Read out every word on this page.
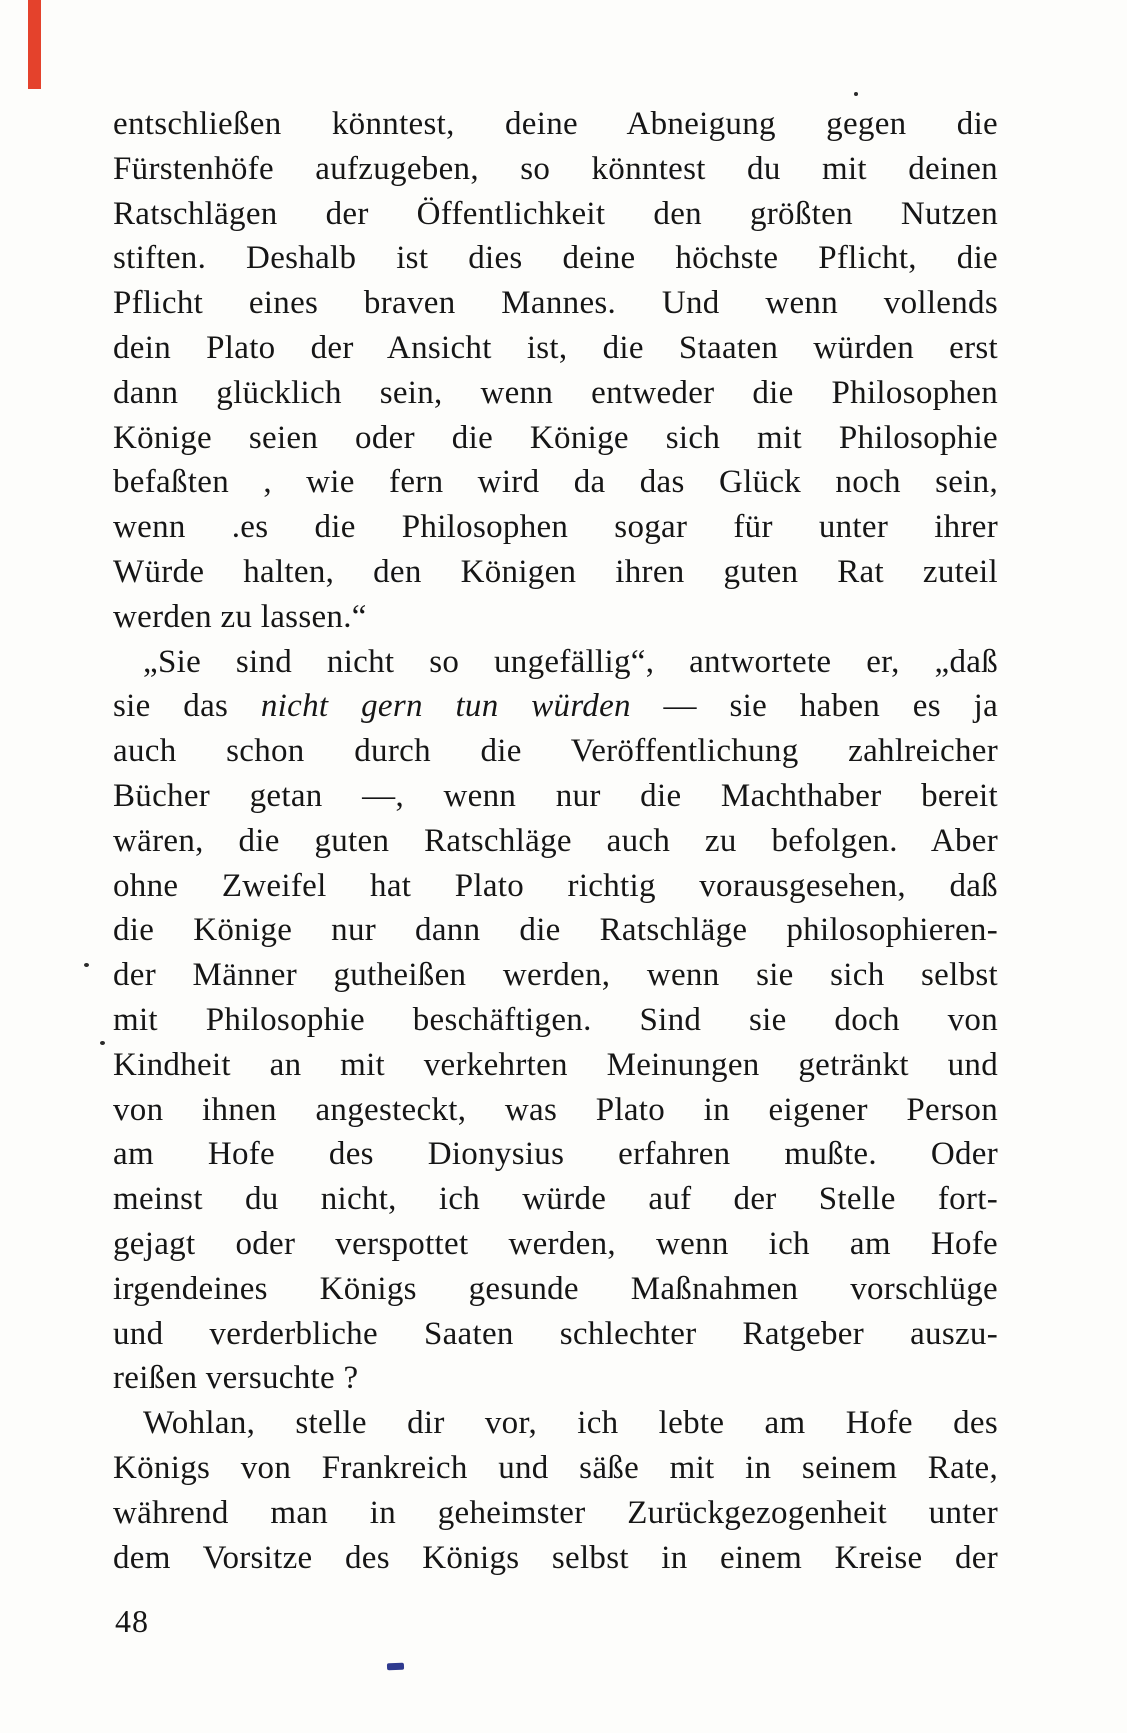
entschließen könntest, deine Abneigung gegen die
Fürstenhöfe aufzugeben, so könntest du mit deinen
Ratschlägen der Öffentlichkeit den größten Nutzen
stiften. Deshalb ist dies deine höchste Pflicht, die
Pflicht eines braven Mannes. Und wenn vollends
dein Plato der Ansicht ist, die Staaten würden erst
dann glücklich sein, wenn entweder die Philosophen
Könige seien oder die Könige sich mit Philosophie
befaßten , wie fern wird da das Glück noch sein,
wenn .es die Philosophen sogar für unter ihrer
Würde halten, den Königen ihren guten Rat zuteil
werden zu lassen.“
„Sie sind nicht so ungefällig“, antwortete er, „daß
sie das nicht gern tun würden — sie haben es ja
auch schon durch die Veröffentlichung zahlreicher
Bücher getan —, wenn nur die Machthaber bereit
wären, die guten Ratschläge auch zu befolgen. Aber
ohne Zweifel hat Plato richtig vorausgesehen, daß
die Könige nur dann die Ratschläge philosophieren-
der Männer gutheißen werden, wenn sie sich selbst
mit Philosophie beschäftigen. Sind sie doch von
Kindheit an mit verkehrten Meinungen getränkt und
von ihnen angesteckt, was Plato in eigener Person
am Hofe des Dionysius erfahren mußte. Oder
meinst du nicht, ich würde auf der Stelle fort-
gejagt oder verspottet werden, wenn ich am Hofe
irgendeines Königs gesunde Maßnahmen vorschlüge
und verderbliche Saaten schlechter Ratgeber auszu-
reißen versuchte ?
Wohlan, stelle dir vor, ich lebte am Hofe des
Königs von Frankreich und säße mit in seinem Rate,
während man in geheimster Zurückgezogenheit unter
dem Vorsitze des Königs selbst in einem Kreise der
48
